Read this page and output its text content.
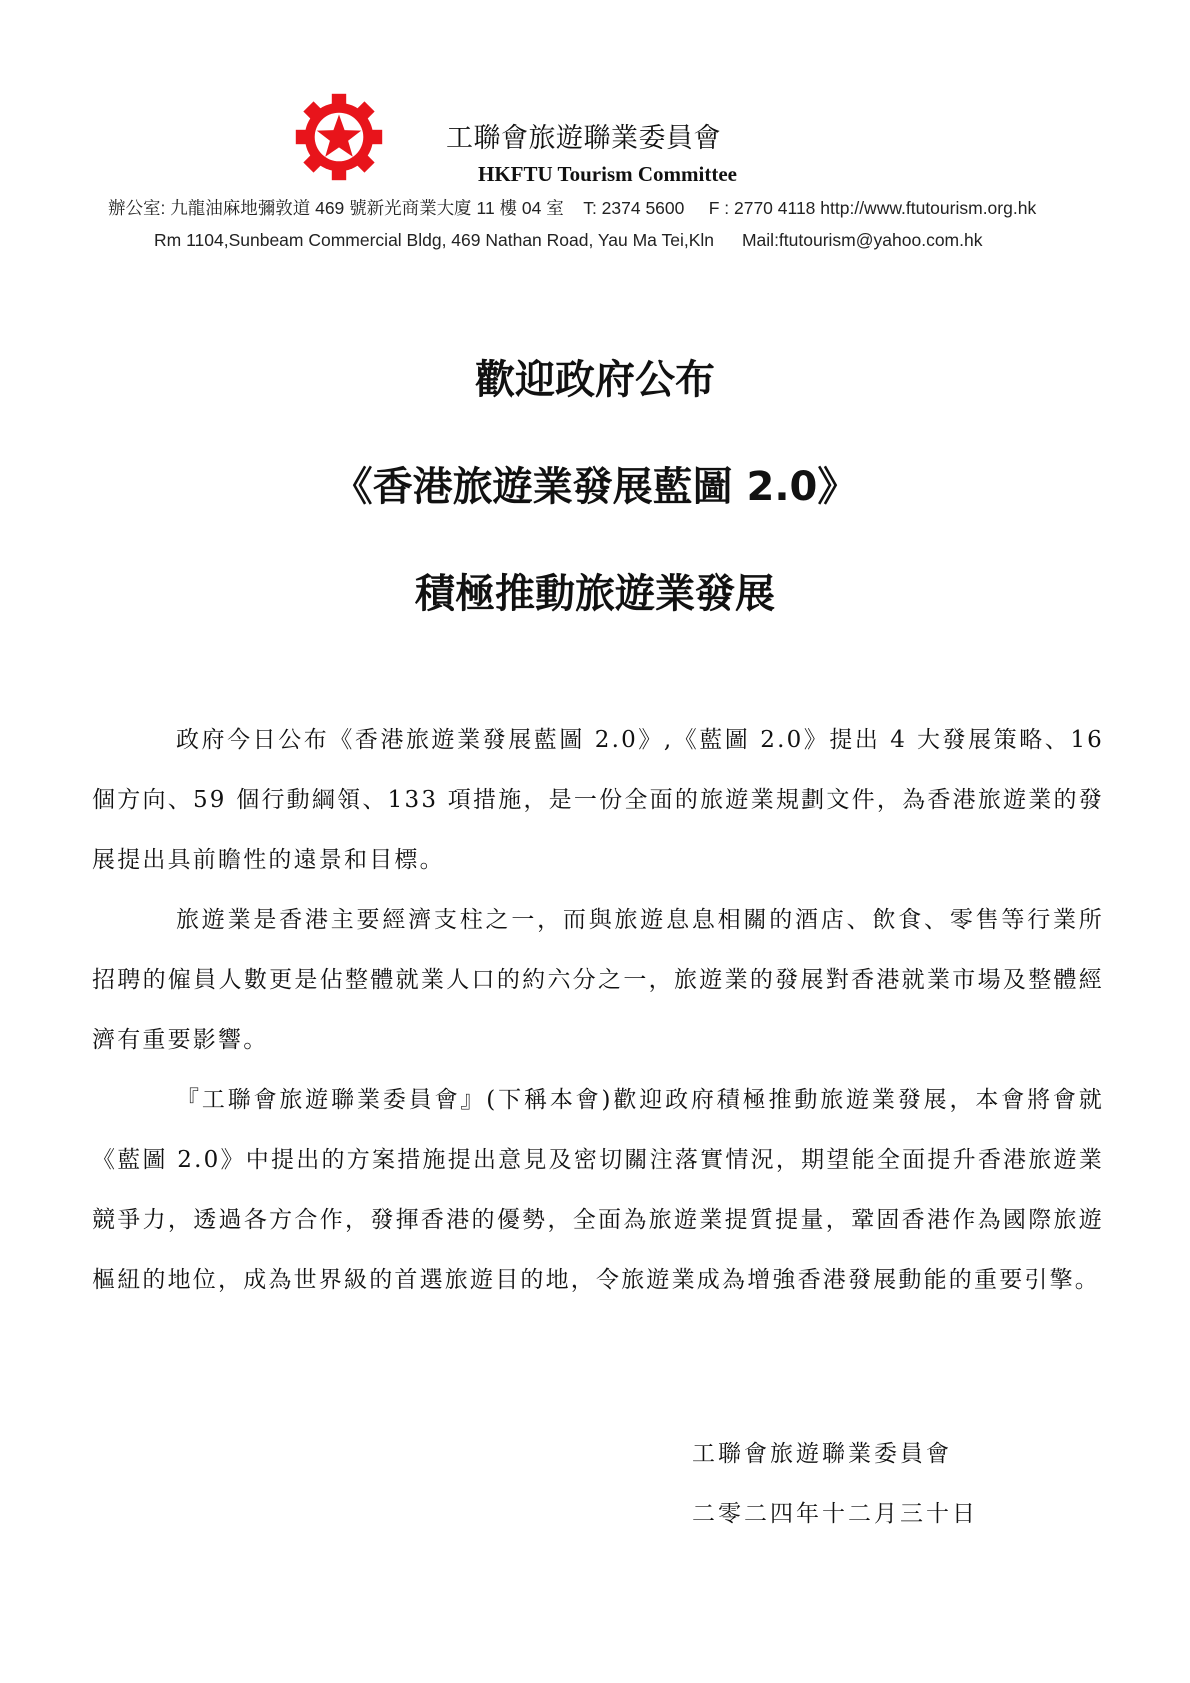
工聯會旅遊聯業委員會
HKFTU Tourism Committee
辦公室: 九龍油麻地彌敦道 469 號新光商業大廈 11 樓 04 室 T: 2374 5600 F : 2770 4118 http://www.ftutourism.org.hk
Rm 1104,Sunbeam Commercial Bldg, 469 Nathan Road, Yau Ma Tei,Kln Mail:ftutourism@yahoo.com.hk
歡迎政府公布
《香港旅遊業發展藍圖 2.0》
積極推動旅遊業發展

政府今日公布《香港旅遊業發展藍圖 2.0》,《藍圖 2.0》提出 4 大發展策略、16 個方向、59 個行動綱領、133 項措施，是一份全面的旅遊業規劃文件，為香港旅遊業的發展提出具前瞻性的遠景和目標。

旅遊業是香港主要經濟支柱之一，而與旅遊息息相關的酒店、飲食、零售等行業所招聘的僱員人數更是佔整體就業人口的約六分之一，旅遊業的發展對香港就業市場及整體經濟有重要影響。

『工聯會旅遊聯業委員會』(下稱本會)歡迎政府積極推動旅遊業發展，本會將會就《藍圖 2.0》中提出的方案措施提出意見及密切關注落實情況，期望能全面提升香港旅遊業競爭力，透過各方合作，發揮香港的優勢，全面為旅遊業提質提量，鞏固香港作為國際旅遊樞紐的地位，成為世界級的首選旅遊目的地，令旅遊業成為增強香港發展動能的重要引擎。

工聯會旅遊聯業委員會
二零二四年十二月三十日
